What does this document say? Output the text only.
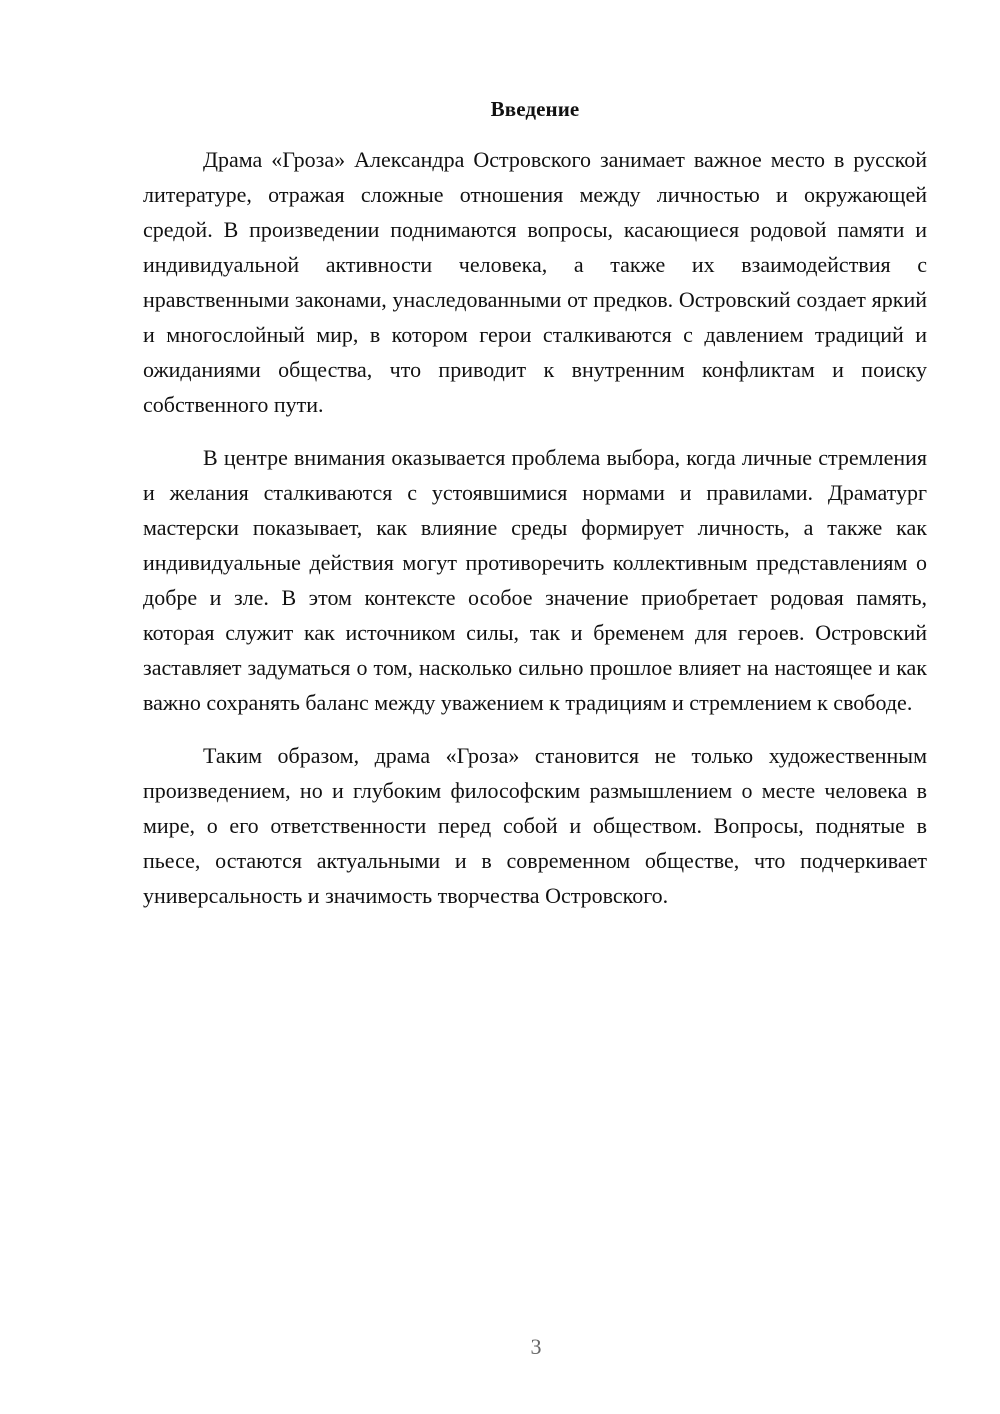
Введение

Драма «Гроза» Александра Островского занимает важное место в русской литературе, отражая сложные отношения между личностью и окружающей средой. В произведении поднимаются вопросы, касающиеся родовой памяти и индивидуальной активности человека, а также их взаимодействия с нравственными законами, унаследованными от предков. Островский создает яркий и многослойный мир, в котором герои сталкиваются с давлением традиций и ожиданиями общества, что приводит к внутренним конфликтам и поиску собственного пути.

В центре внимания оказывается проблема выбора, когда личные стремления и желания сталкиваются с устоявшимися нормами и правилами. Драматург мастерски показывает, как влияние среды формирует личность, а также как индивидуальные действия могут противоречить коллективным представлениям о добре и зле. В этом контексте особое значение приобретает родовая память, которая служит как источником силы, так и бременем для героев. Островский заставляет задуматься о том, насколько сильно прошлое влияет на настоящее и как важно сохранять баланс между уважением к традициям и стремлением к свободе.

Таким образом, драма «Гроза» становится не только художественным произведением, но и глубоким философским размышлением о месте человека в мире, о его ответственности перед собой и обществом. Вопросы, поднятые в пьесе, остаются актуальными и в современном обществе, что подчеркивает универсальность и значимость творчества Островского.

3
